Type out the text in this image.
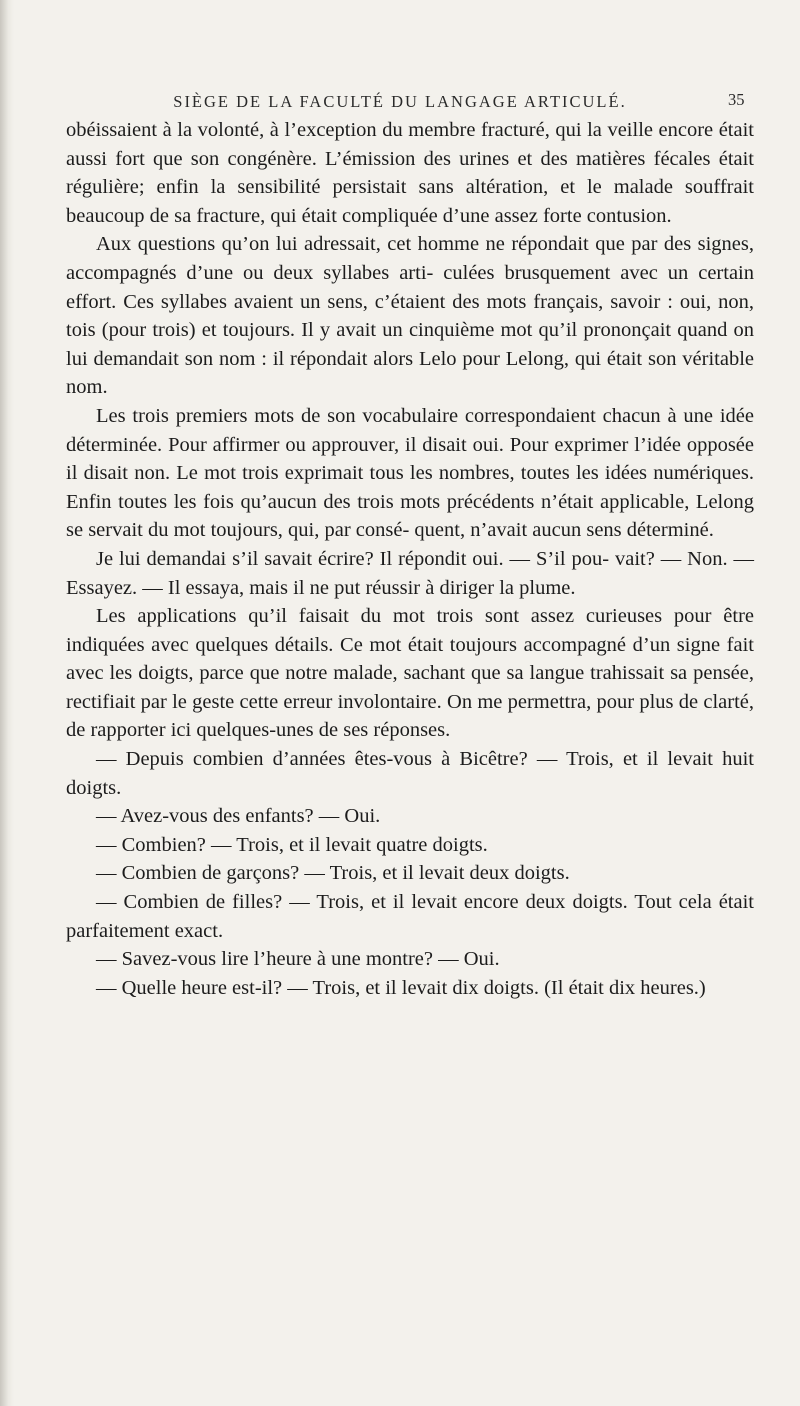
SIÈGE DE LA FACULTÉ DU LANGAGE ARTICULÉ.	35

obéissaient à la volonté, à l’exception du membre fracturé, qui la veille encore était aussi fort que son congénère. L’émission des urines et des matières fécales était régulière; enfin la sensibilité persistait sans altération, et le malade souffrait beaucoup de sa fracture, qui était compliquée d’une assez forte contusion.

Aux questions qu’on lui adressait, cet homme ne répondait que par des signes, accompagnés d’une ou deux syllabes arti- culées brusquement avec un certain effort. Ces syllabes avaient un sens, c’étaient des mots français, savoir : oui, non, tois (pour trois) et toujours. Il y avait un cinquième mot qu’il prononçait quand on lui demandait son nom : il répondait alors Lelo pour Lelong, qui était son véritable nom.

Les trois premiers mots de son vocabulaire correspondaient chacun à une idée déterminée. Pour affirmer ou approuver, il disait oui. Pour exprimer l’idée opposée il disait non. Le mot trois exprimait tous les nombres, toutes les idées numériques. Enfin toutes les fois qu’aucun des trois mots précédents n’était applicable, Lelong se servait du mot toujours, qui, par consé- quent, n’avait aucun sens déterminé.

Je lui demandai s’il savait écrire? Il répondit oui. — S’il pou- vait? — Non. — Essayez. — Il essaya, mais il ne put réussir à diriger la plume.

Les applications qu’il faisait du mot trois sont assez curieuses pour être indiquées avec quelques détails. Ce mot était toujours accompagné d’un signe fait avec les doigts, parce que notre malade, sachant que sa langue trahissait sa pensée, rectifiait par le geste cette erreur involontaire. On me permettra, pour plus de clarté, de rapporter ici quelques-unes de ses réponses.

— Depuis combien d’années êtes-vous à Bicêtre? — Trois, et il levait huit doigts.

— Avez-vous des enfants? — Oui.

— Combien? — Trois, et il levait quatre doigts.

— Combien de garçons? — Trois, et il levait deux doigts.

— Combien de filles? — Trois, et il levait encore deux doigts. Tout cela était parfaitement exact.

— Savez-vous lire l’heure à une montre? — Oui.

— Quelle heure est-il? — Trois, et il levait dix doigts. (Il était dix heures.)
